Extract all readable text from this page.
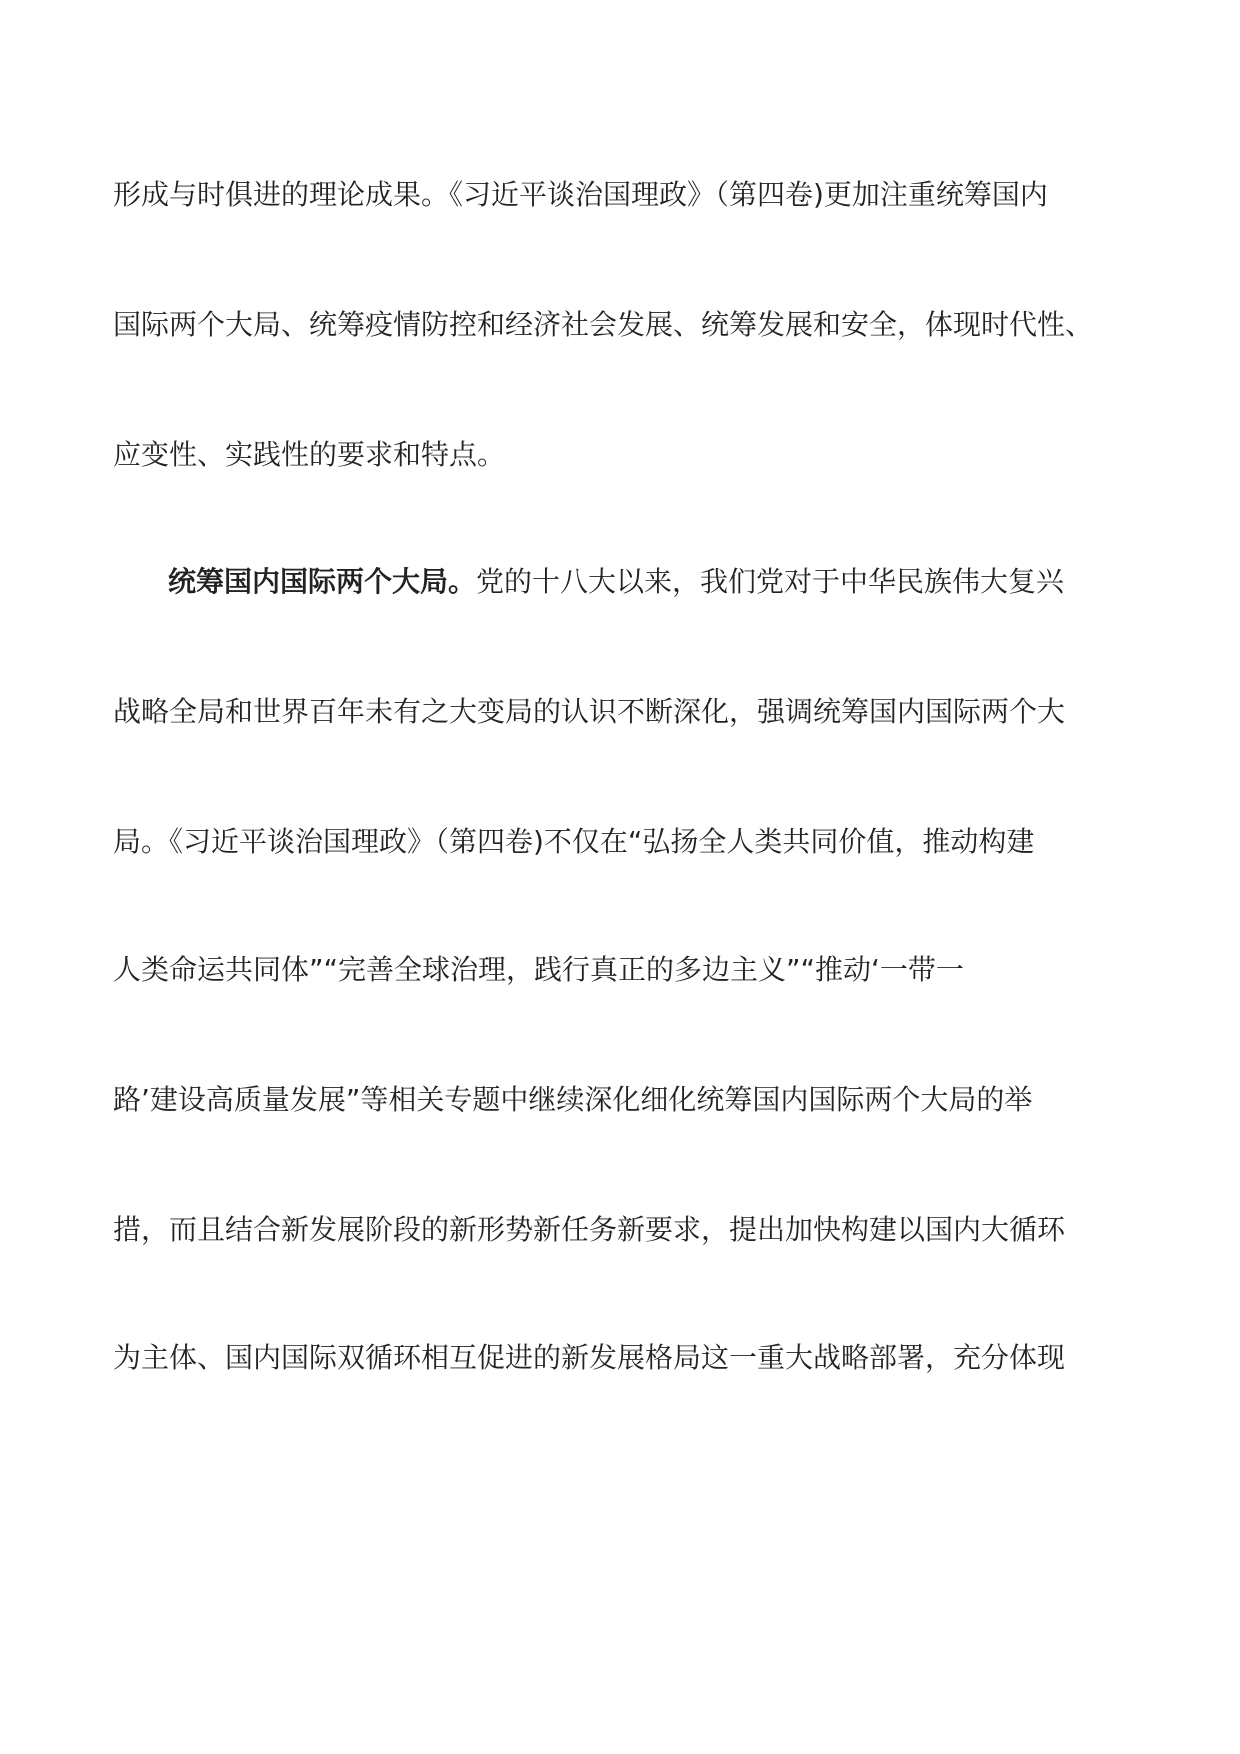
形成与时俱进的理论成果。《习近平谈治国理政》（第四卷)更加注重统筹国内
国际两个大局、统筹疫情防控和经济社会发展、统筹发展和安全，体现时代性、
应变性、实践性的要求和特点。
统筹国内国际两个大局。党的十八大以来，我们党对于中华民族伟大复兴
战略全局和世界百年未有之大变局的认识不断深化，强调统筹国内国际两个大
局。《习近平谈治国理政》（第四卷)不仅在“弘扬全人类共同价值，推动构建
人类命运共同体”“完善全球治理，践行真正的多边主义”“推动‘一带一
路’建设高质量发展”等相关专题中继续深化细化统筹国内国际两个大局的举
措，而且结合新发展阶段的新形势新任务新要求，提出加快构建以国内大循环
为主体、国内国际双循环相互促进的新发展格局这一重大战略部署，充分体现
